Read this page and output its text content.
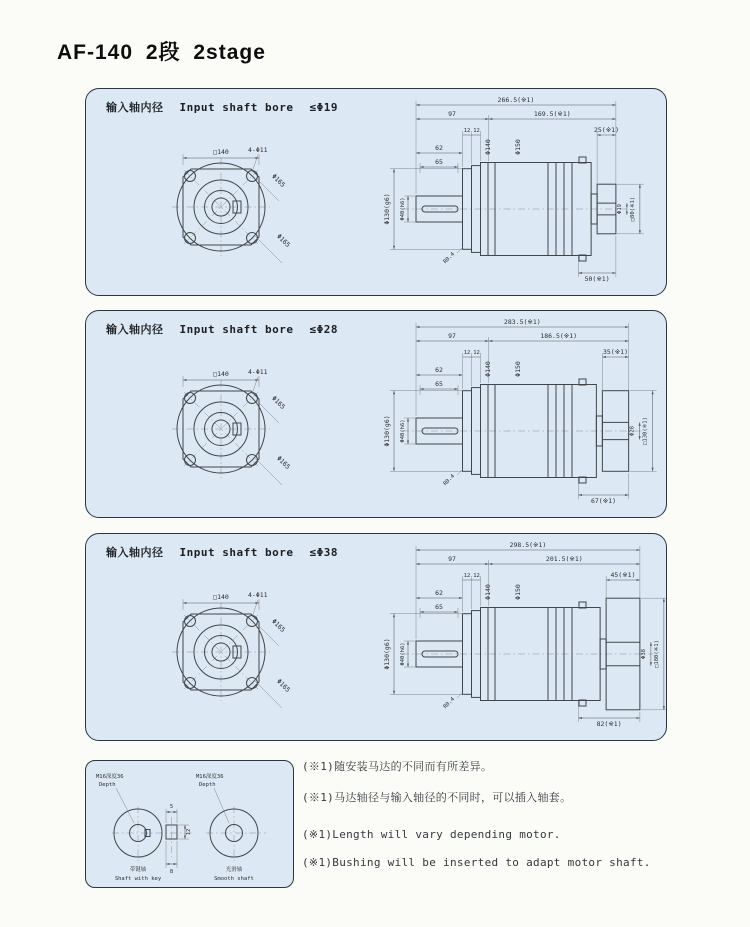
AF-140 2段 2stage
输入轴内径 Input shaft bore ≤Φ19
□140	4-Φ11
Φ165
Φ165
266.5(※1)
97	169.5(※1)
12 12
Φ140	Φ150
25(※1)
62
65
Φ130(g6) Φ40(h6)
R0.4
Φ19 □80(※1)
50(※1)
输入轴内径 Input shaft bore ≤Φ28
□140	4-Φ11
Φ165
Φ165
283.5(※1)
97	186.5(※1)
12 12
Φ140	Φ150
35(※1)
62
65
Φ130(g6) Φ40(h6)
R0.4
Φ28 □130(※1)
67(※1)
输入轴内径 Input shaft bore ≤Φ38
□140	4-Φ11
Φ165
Φ165
298.5(※1)
97	201.5(※1)
12 12
Φ140	Φ150
45(※1)
62
65
Φ130(g6) Φ40(h6)
R0.4
Φ38 □180(※1)
82(※1)
M16深度36
Depth
5
12
8
带键轴
Shaft with key
M16深度36
Depth
光滑轴
Smooth shaft

(※1)随安装马达的不同而有所差异。

(※1)马达轴径与输入轴径的不同时，可以插入轴套。

(※1)Length will vary depending motor.

(※1)Bushing will be inserted to adapt motor shaft.
